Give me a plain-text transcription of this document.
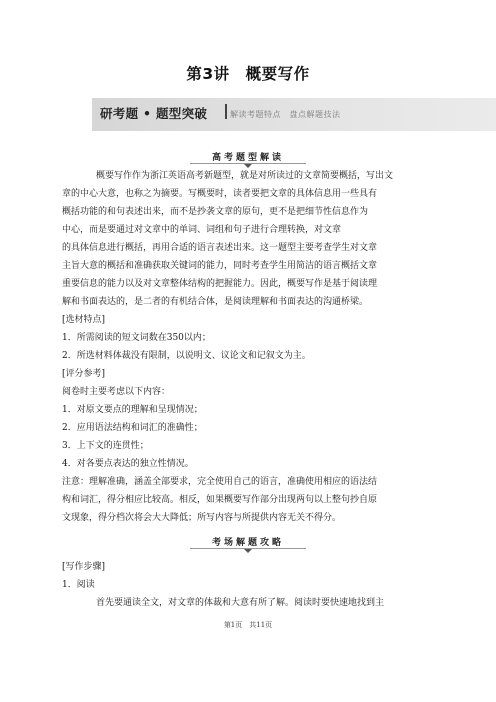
第3讲　概要写作
研考题 • 题型突破	解读考题特点　盘点解题技法
高考题型解读
概要写作作为浙江英语高考新题型，就是对所读过的文章简要概括，写出文
章的中心大意，也称之为摘要。写概要时，读者要把文章的具体信息用一些具有
概括功能的和句表述出来，而不是抄袭文章的原句，更不是把细节性信息作为
中心，而是要通过对文章中的单词、词组和句子进行合理转换，对文章
的具体信息进行概括，再用合适的语言表述出来。这一题型主要考查学生对文章
主旨大意的概括和准确获取关键词的能力，同时考查学生用简洁的语言概括文章
重要信息的能力以及对文章整体结构的把握能力。因此，概要写作是基于阅读理
解和书面表达的，是二者的有机结合体，是阅读理解和书面表达的沟通桥梁。
[选材特点]
1．所需阅读的短文词数在350以内；
2．所选材料体裁没有限制，以说明文、议论文和记叙文为主。
[评分参考]
阅卷时主要考虑以下内容：
1．对原文要点的理解和呈现情况；
2．应用语法结构和词汇的准确性；
3．上下文的连贯性；
4．对各要点表达的独立性情况。
注意：理解准确，涵盖全部要求，完全使用自己的语言，准确使用相应的语法结
构和词汇，得分相应比较高。相反，如果概要写作部分出现两句以上整句抄自原
文现象，得分档次将会大大降低；所写内容与所提供内容无关不得分。
考场解题攻略
[写作步骤]
1．阅读
首先要通读全文，对文章的体裁和大意有所了解。阅读时要快速地找到主
第1页　共11页
